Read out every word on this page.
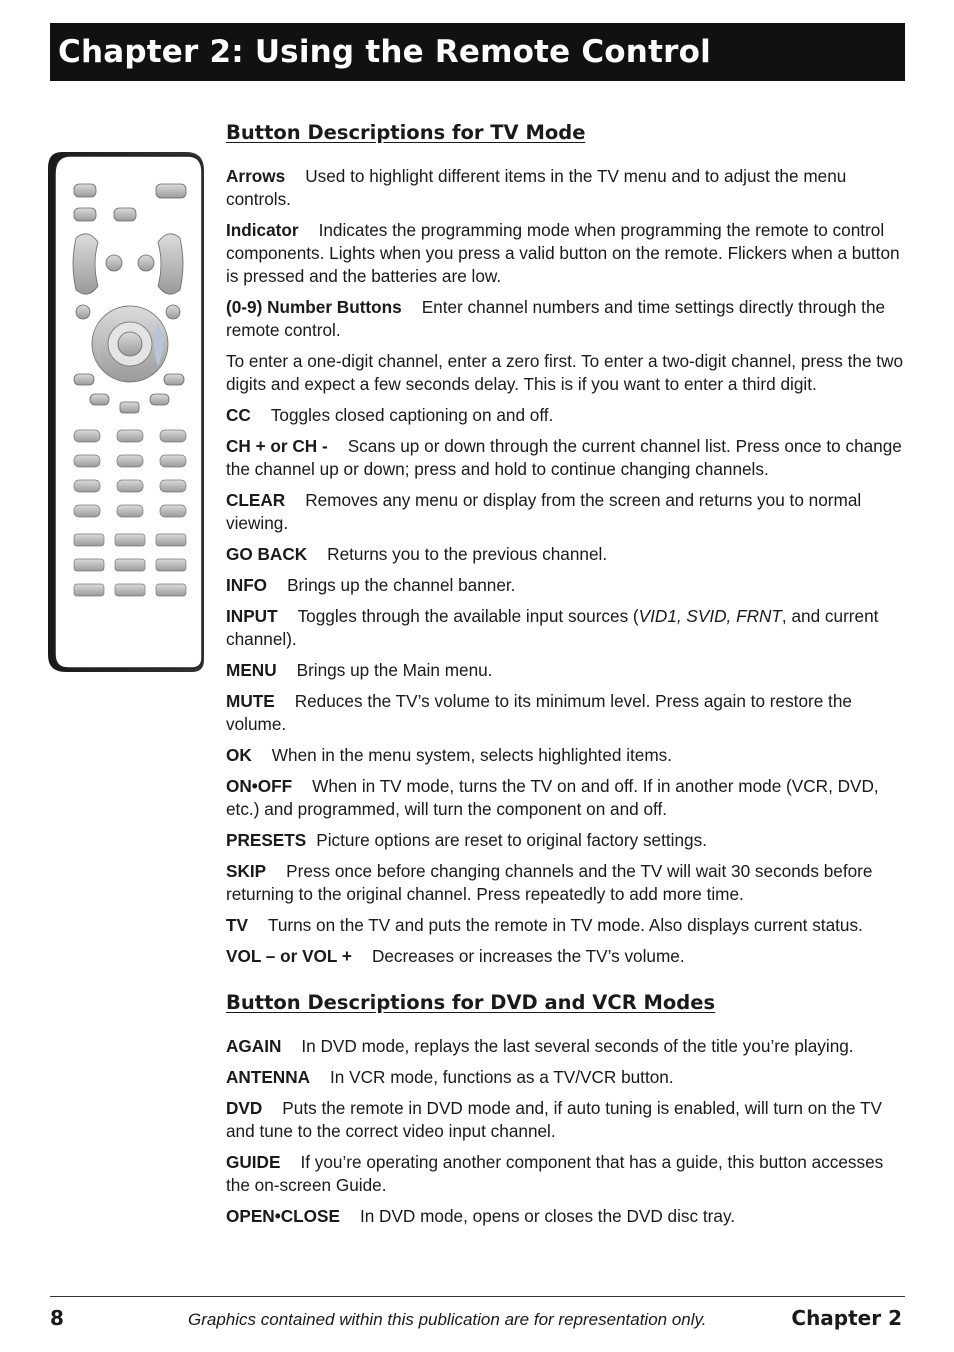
Chapter 2: Using the Remote Control
Button Descriptions for TV Mode
Arrows Used to highlight different items in the TV menu and to adjust the menu controls.
Indicator Indicates the programming mode when programming the remote to control components. Lights when you press a valid button on the remote. Flickers when a button is pressed and the batteries are low.
(0-9) Number Buttons Enter channel numbers and time settings directly through the remote control.
To enter a one-digit channel, enter a zero first. To enter a two-digit channel, press the two digits and expect a few seconds delay. This is if you want to enter a third digit.
CC Toggles closed captioning on and off.
CH + or CH - Scans up or down through the current channel list. Press once to change the channel up or down; press and hold to continue changing channels.
CLEAR Removes any menu or display from the screen and returns you to normal viewing.
GO BACK Returns you to the previous channel.
INFO Brings up the channel banner.
INPUT Toggles through the available input sources (VID1, SVID, FRNT, and current channel).
MENU Brings up the Main menu.
MUTE Reduces the TV’s volume to its minimum level. Press again to restore the volume.
OK When in the menu system, selects highlighted items.
ON•OFF When in TV mode, turns the TV on and off. If in another mode (VCR, DVD, etc.) and programmed, will turn the component on and off.
PRESETS Picture options are reset to original factory settings.
SKIP Press once before changing channels and the TV will wait 30 seconds before returning to the original channel. Press repeatedly to add more time.
TV Turns on the TV and puts the remote in TV mode. Also displays current status.
VOL – or VOL + Decreases or increases the TV’s volume.
Button Descriptions for DVD and VCR Modes
AGAIN In DVD mode, replays the last several seconds of the title you’re playing.
ANTENNA In VCR mode, functions as a TV/VCR button.
DVD Puts the remote in DVD mode and, if auto tuning is enabled, will turn on the TV and tune to the correct video input channel.
GUIDE If you’re operating another component that has a guide, this button accesses the on-screen Guide.
OPEN•CLOSE In DVD mode, opens or closes the DVD disc tray.
8	Graphics contained within this publication are for representation only.	Chapter 2
